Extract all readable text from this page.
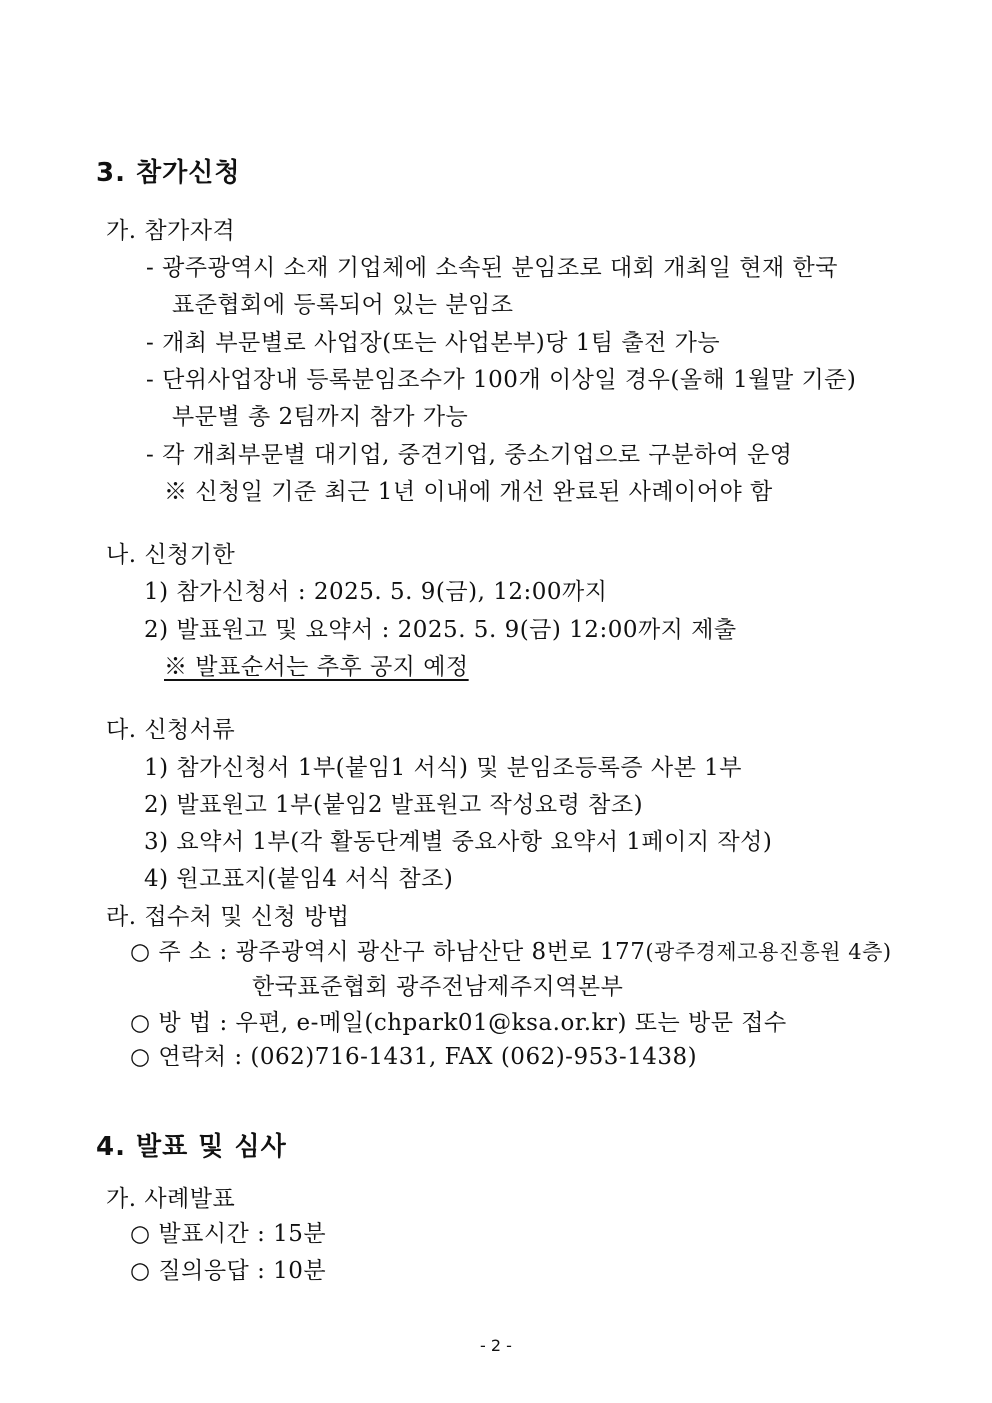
3. 참가신청
가. 참가자격
- 광주광역시 소재 기업체에 소속된 분임조로 대회 개최일 현재 한국
표준협회에 등록되어 있는 분임조
- 개최 부문별로 사업장(또는 사업본부)당 1팀 출전 가능
- 단위사업장내 등록분임조수가 100개 이상일 경우(올해 1월말 기준)
부문별 총 2팀까지 참가 가능
- 각 개최부문별 대기업, 중견기업, 중소기업으로 구분하여 운영
※ 신청일 기준 최근 1년 이내에 개선 완료된 사례이어야 함
나. 신청기한
1) 참가신청서 : 2025. 5. 9(금), 12:00까지
2) 발표원고 및 요약서 : 2025. 5. 9(금) 12:00까지 제출
※ 발표순서는 추후 공지 예정
다. 신청서류
1) 참가신청서 1부(붙임1 서식) 및 분임조등록증 사본 1부
2) 발표원고 1부(붙임2 발표원고 작성요령 참조)
3) 요약서 1부(각 활동단계별 중요사항 요약서 1페이지 작성)
4) 원고표지(붙임4 서식 참조)
라. 접수처 및 신청 방법
○ 주 소 : 광주광역시 광산구 하남산단 8번로 177(광주경제고용진흥원 4층)
한국표준협회 광주전남제주지역본부
○ 방 법 : 우편, e-메일(chpark01@ksa.or.kr) 또는 방문 접수
○ 연락처 : (062)716-1431, FAX (062)-953-1438)
4. 발표 및 심사
가. 사례발표
○ 발표시간 : 15분
○ 질의응답 : 10분
- 2 -
